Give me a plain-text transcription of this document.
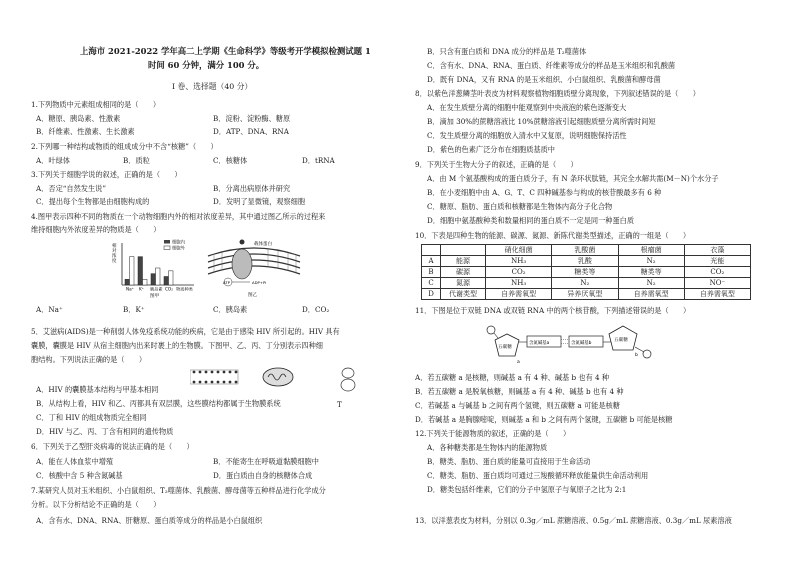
上海市 2021-2022 学年高二上学期《生命科学》等级考开学模拟检测试题 1
时间 60 分钟，满分 100 分。
I 卷、选择题（40 分）
1.下列物质中元素组成相同的是（　　）
A．糖原、胰岛素、性激素	B．淀粉、淀粉酶、糖原
B．纤维素、性激素、生长激素	D．ATP、DNA、RNA
2.下列哪一种结构或物质的组成成分中不含“核糖”（　　）
A．叶绿体	B．质粒	C．核糖体	D．tRNA
3.下列关于细胞学说的叙述，正确的是（　　）
A．否定“自然发生说”	B．分离出病原体并研究
C．提出每个生物都是由细胞构成的	D．发明了显微镜，观察细胞
4.图甲表示四种不同的物质在一个动物细胞内外的相对浓度差异，其中通过图乙所示的过程来
维持细胞内外浓度差异的物质是（　　）
相对浓度
细胞内
细胞外
Na⁺ K⁺ 胰岛素 CO₂ 物质种类
图甲
载体蛋白
ATP	ADP+Pi
图乙
A．Na⁺	B．K⁺	C．胰岛素	D．CO₂
5．艾滋病(AIDS)是一种削弱人体免疫系统功能的疾病，它是由于感染 HIV 所引起的。HIV 具有
囊膜，囊膜是 HIV 从宿主细胞内出来时裹上的生物膜。下图甲、乙、丙、丁分别表示四种细
胞结构。下列说法正确的是（　　）
A．HIV 的囊膜基本结构与甲基本相同
B．从结构上看，HIV 和乙、丙都具有双层膜，这些膜结构都属于生物膜系统	T
C．丁和 HIV 的组成物质完全相同
D．HIV 与乙、丙、丁含有相同的遗传物质
6．下列关于乙型肝炎病毒的说法正确的是（　　）
A．能在人体血浆中增殖	B．不能寄生在呼吸道黏膜细胞中
C．核酸中含 5 种含氮碱基	D．蛋白质由自身的核糖体合成
7.某研究人员对玉米组织、小白鼠组织、T₂噬菌体、乳酸菌、酵母菌等五种样品进行化学成分
分析。以下分析结论不正确的是（　　）
A．含有水、DNA、RNA、肝糖原、蛋白质等成分的样品是小白鼠组织
B．只含有蛋白质和 DNA 成分的样品是 T₂噬菌体
C．含有水、DNA、RNA、蛋白质、纤维素等成分的样品是玉米组织和乳酸菌
D．既有 DNA，又有 RNA 的是玉米组织、小白鼠组织、乳酸菌和酵母菌
8．以紫色洋葱鳞茎叶表皮为材料观察植物细胞质壁分离现象，下列叙述错误的是（　　）
A．在发生质壁分离的细胞中能观察到中央液泡的紫色逐渐变大
B．滴加 30%的蔗糖溶液比 10%蔗糖溶液引起细胞质壁分离所需时间短
C．发生质壁分离的细胞放入清水中又复原，说明细胞保持活性
D．紫色的色素广泛分布在细胞质基质中
9．下列关于生物大分子的叙述，正确的是（　　）
A．由 M 个氨基酸构成的蛋白质分子，有 N 条环状肽链，其完全水解共需(M－N)个水分子
B．在小麦细胞中由 A、G、T、C 四种碱基参与构成的核苷酸最多有 6 种
C．糖原、脂肪、蛋白质和核糖都是生物体内高分子化合物
D．细胞中氨基酸种类和数量相同的蛋白质不一定是同一种蛋白质
10．下表是四种生物的能源、碳源、氮源、新陈代谢类型描述，正确的一组是（　　）
		硝化细菌	乳酸菌	根瘤菌	衣藻
A	能源	NH₃	乳酸	N₂	光能
B	碳源	CO₂	糖类等	糖类等	CO₂
C	氮源	NH₃	N₂	N₂	NO⁻
D	代谢类型	自养需氧型	异养厌氧型	自养需氧型	自养需氧型
11．下图是位于双链 DNA 或双链 RNA 中的两个核苷酸，下列描述错误的是（　　）
五碳糖
a
含氮碱基a	含氮碱基b
五碳糖
b
A．若五碳糖 a 是核糖，则碱基 a 有 4 种、碱基 b 也有 4 种
B．若五碳糖 a 是脱氧核糖，则碱基 a 有 4 种、碱基 b 也有 4 种
C．若碱基 a 与碱基 b 之间有两个氢键，则五碳糖 a 可能是核糖
D．若碱基 a 是胸腺嘧啶，则碱基 a 和 b 之间有两个氢键，五碳糖 b 可能是核糖
12.下列关于能源物质的叙述，正确的是（　　）
A．各种糖类都是生物体内的能源物质
B．糖类、脂肪、蛋白质的能量可直接用于生命活动
C．糖类、脂肪、蛋白质均可通过三羧酸循环释放能量供生命活动利用
D．糖类包括纤维素，它们的分子中氢原子与氧原子之比为 2:1
13．以洋葱表皮为材料，分别以 0.3g／mL 蔗糖溶液、0.5g／mL 蔗糖溶液、0.3g／mL 尿素溶液
